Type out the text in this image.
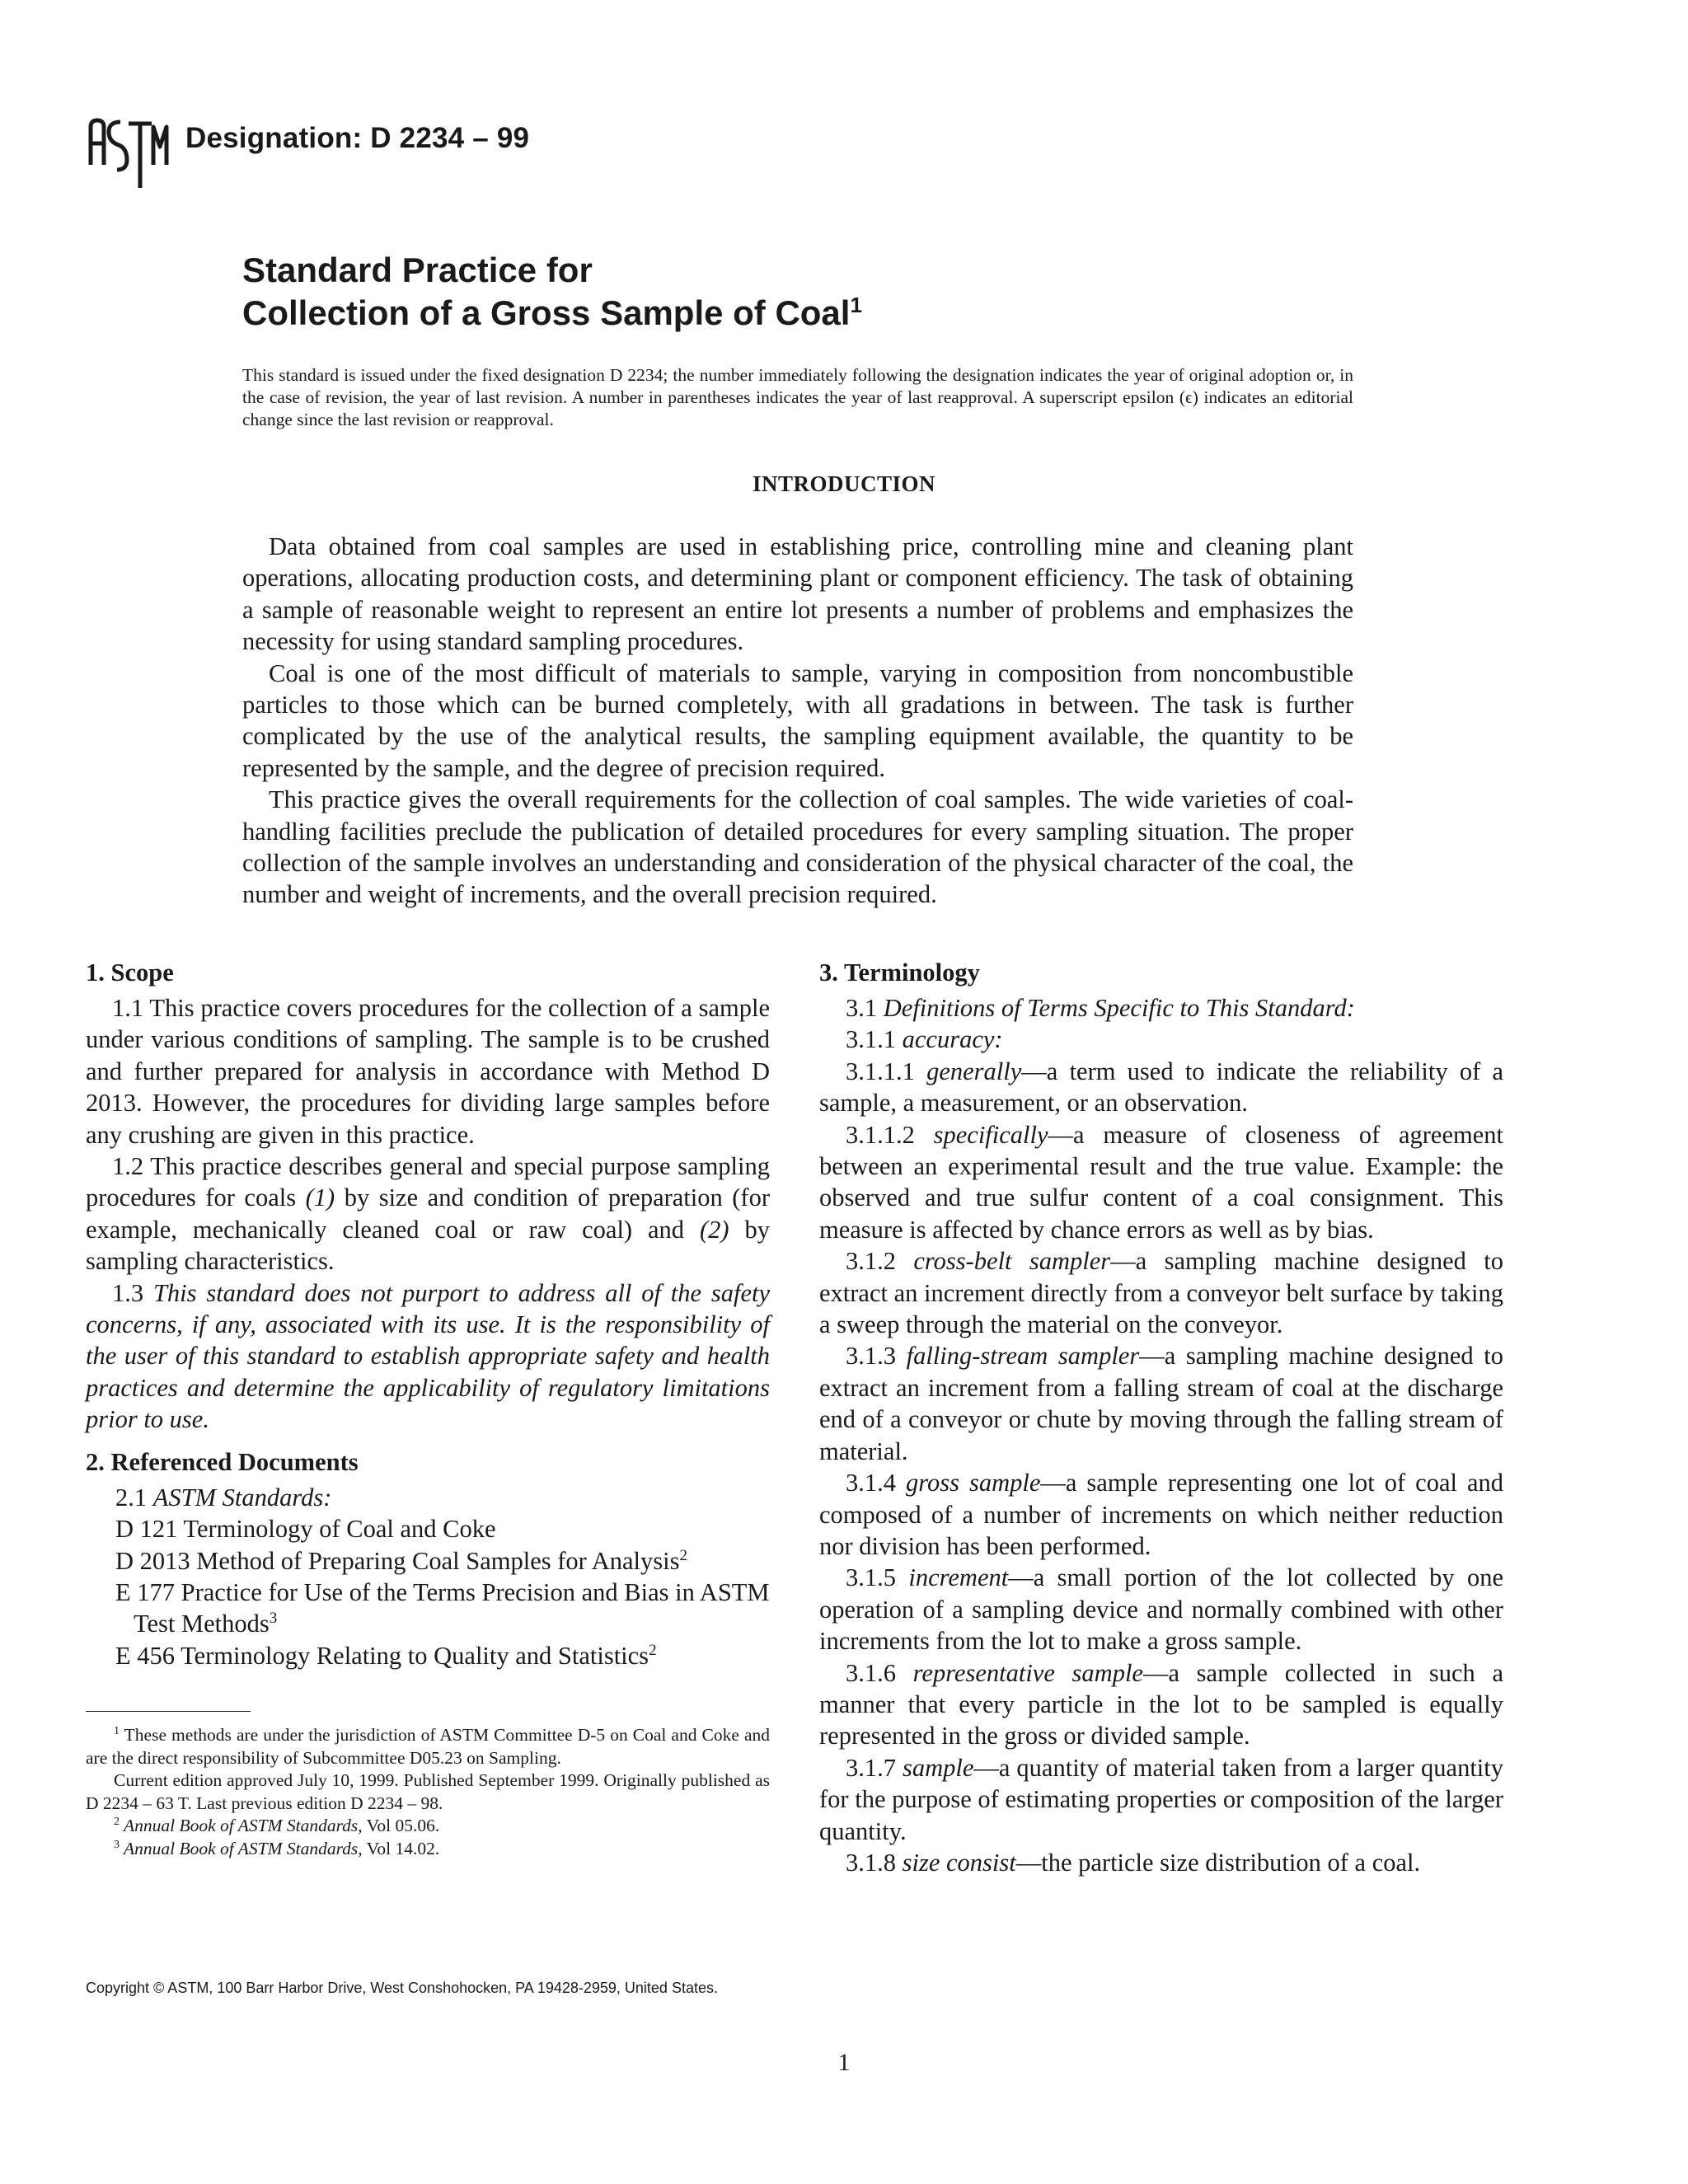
Designation: D 2234 – 99
Standard Practice for
Collection of a Gross Sample of Coal$^1$
This standard is issued under the fixed designation D 2234; the number immediately following the designation indicates the year of original adoption or, in the case of revision, the year of last revision. A number in parentheses indicates the year of last reapproval. A superscript epsilon (ϵ) indicates an editorial change since the last revision or reapproval.
INTRODUCTION

Data obtained from coal samples are used in establishing price, controlling mine and cleaning plant operations, allocating production costs, and determining plant or component efficiency. The task of obtaining a sample of reasonable weight to represent an entire lot presents a number of problems and emphasizes the necessity for using standard sampling procedures.

Coal is one of the most difficult of materials to sample, varying in composition from noncombustible particles to those which can be burned completely, with all gradations in between. The task is further complicated by the use of the analytical results, the sampling equipment available, the quantity to be represented by the sample, and the degree of precision required.

This practice gives the overall requirements for the collection of coal samples. The wide varieties of coal-handling facilities preclude the publication of detailed procedures for every sampling situation. The proper collection of the sample involves an understanding and consideration of the physical character of the coal, the number and weight of increments, and the overall precision required.

1. Scope

1.1 This practice covers procedures for the collection of a sample under various conditions of sampling. The sample is to be crushed and further prepared for analysis in accordance with Method D 2013. However, the procedures for dividing large samples before any crushing are given in this practice.

1.2 This practice describes general and special purpose sampling procedures for coals (1) by size and condition of preparation (for example, mechanically cleaned coal or raw coal) and (2) by sampling characteristics.

1.3 This standard does not purport to address all of the safety concerns, if any, associated with its use. It is the responsibility of the user of this standard to establish appropriate safety and health practices and determine the applicability of regulatory limitations prior to use.

2. Referenced Documents

2.1 ASTM Standards:

D 121 Terminology of Coal and Coke

D 2013 Method of Preparing Coal Samples for Analysis$^2$

E 177 Practice for Use of the Terms Precision and Bias in ASTM Test Methods$^3$

E 456 Terminology Relating to Quality and Statistics$^2$

$^1$ These methods are under the jurisdiction of ASTM Committee D-5 on Coal and Coke and are the direct responsibility of Subcommittee D05.23 on Sampling.

Current edition approved July 10, 1999. Published September 1999. Originally published as D 2234 – 63 T. Last previous edition D 2234 – 98.

$^2$ Annual Book of ASTM Standards, Vol 05.06.

$^3$ Annual Book of ASTM Standards, Vol 14.02.

3. Terminology

3.1 Definitions of Terms Specific to This Standard:

3.1.1 accuracy:

3.1.1.1 generally—a term used to indicate the reliability of a sample, a measurement, or an observation.

3.1.1.2 specifically—a measure of closeness of agreement between an experimental result and the true value. Example: the observed and true sulfur content of a coal consignment. This measure is affected by chance errors as well as by bias.

3.1.2 cross-belt sampler—a sampling machine designed to extract an increment directly from a conveyor belt surface by taking a sweep through the material on the conveyor.

3.1.3 falling-stream sampler—a sampling machine designed to extract an increment from a falling stream of coal at the discharge end of a conveyor or chute by moving through the falling stream of material.

3.1.4 gross sample—a sample representing one lot of coal and composed of a number of increments on which neither reduction nor division has been performed.

3.1.5 increment—a small portion of the lot collected by one operation of a sampling device and normally combined with other increments from the lot to make a gross sample.

3.1.6 representative sample—a sample collected in such a manner that every particle in the lot to be sampled is equally represented in the gross or divided sample.

3.1.7 sample—a quantity of material taken from a larger quantity for the purpose of estimating properties or composition of the larger quantity.

3.1.8 size consist—the particle size distribution of a coal.

Copyright © ASTM, 100 Barr Harbor Drive, West Conshohocken, PA 19428-2959, United States.
1
